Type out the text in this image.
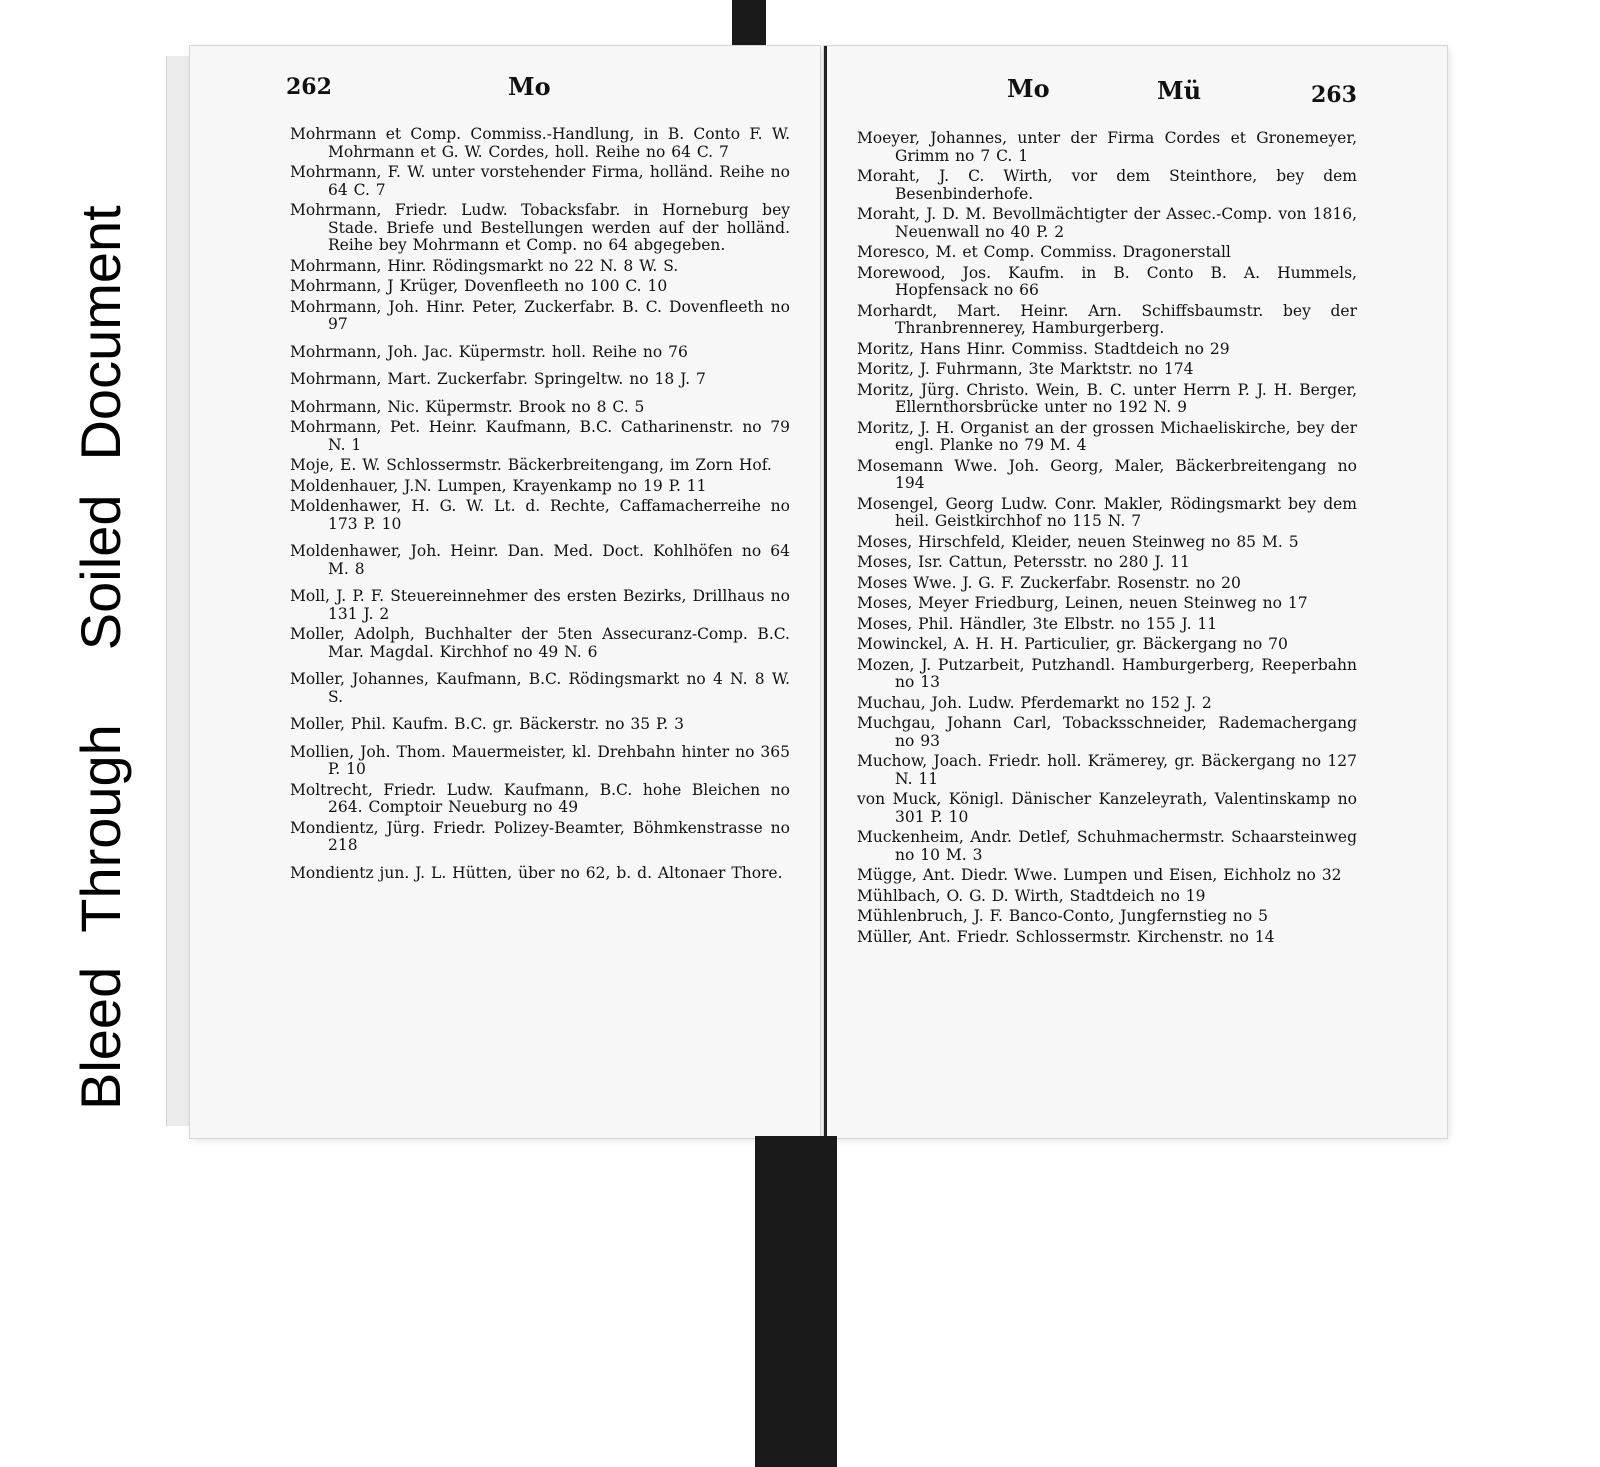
Bleed
Through
Soiled
Document
262	Mo
Mohrmann et Comp. Commiss.-Handlung, in B. Conto F. W. Mohrmann et G. W. Cordes, holl. Reihe no 64 C. 7
Mohrmann, F. W. unter vorstehender Firma, holländ. Reihe no 64 C. 7
Mohrmann, Friedr. Ludw. Tobacksfabr. in Horneburg bey Stade. Briefe und Bestellungen werden auf der holländ. Reihe bey Mohrmann et Comp. no 64 abgegeben.
Mohrmann, Hinr. Rödingsmarkt no 22 N. 8 W. S.
Mohrmann, J Krüger, Dovenfleeth no 100 C. 10
Mohrmann, Joh. Hinr. Peter, Zuckerfabr. B. C. Dovenfleeth no 97
Mohrmann, Joh. Jac. Küpermstr. holl. Reihe no 76
Mohrmann, Mart. Zuckerfabr. Springeltw. no 18 J. 7
Mohrmann, Nic. Küpermstr. Brook no 8 C. 5
Mohrmann, Pet. Heinr. Kaufmann, B.C. Catharinenstr. no 79 N. 1
Moje, E. W. Schlossermstr. Bäckerbreitengang, im Zorn Hof.
Moldenhauer, J.N. Lumpen, Krayenkamp no 19 P. 11
Moldenhawer, H. G. W. Lt. d. Rechte, Caffamacherreihe no 173 P. 10
Moldenhawer, Joh. Heinr. Dan. Med. Doct. Kohlhöfen no 64 M. 8
Moll, J. P. F. Steuereinnehmer des ersten Bezirks, Drillhaus no 131 J. 2
Moller, Adolph, Buchhalter der 5ten Assecuranz-Comp. B.C. Mar. Magdal. Kirchhof no 49 N. 6
Moller, Johannes, Kaufmann, B.C. Rödingsmarkt no 4 N. 8 W. S.
Moller, Phil. Kaufm. B.C. gr. Bäckerstr. no 35 P. 3
Mollien, Joh. Thom. Mauermeister, kl. Drehbahn hinter no 365 P. 10
Moltrecht, Friedr. Ludw. Kaufmann, B.C. hohe Bleichen no 264. Comptoir Neueburg no 49
Mondientz, Jürg. Friedr. Polizey-Beamter, Böhmkenstrasse no 218
Mondientz jun. J. L. Hütten, über no 62, b. d. Altonaer Thore.
Mo	Mü	263
Moeyer, Johannes, unter der Firma Cordes et Gronemeyer, Grimm no 7 C. 1
Moraht, J. C. Wirth, vor dem Steinthore, bey dem Besenbinderhofe.
Moraht, J. D. M. Bevollmächtigter der Assec.-Comp. von 1816, Neuenwall no 40 P. 2
Moresco, M. et Comp. Commiss. Dragonerstall
Morewood, Jos. Kaufm. in B. Conto B. A. Hummels, Hopfensack no 66
Morhardt, Mart. Heinr. Arn. Schiffsbaumstr. bey der Thranbrennerey, Hamburgerberg.
Moritz, Hans Hinr. Commiss. Stadtdeich no 29
Moritz, J. Fuhrmann, 3te Marktstr. no 174
Moritz, Jürg. Christo. Wein, B. C. unter Herrn P. J. H. Berger, Ellernthorsbrücke unter no 192 N. 9
Moritz, J. H. Organist an der grossen Michaeliskirche, bey der engl. Planke no 79 M. 4
Mosemann Wwe. Joh. Georg, Maler, Bäckerbreitengang no 194
Mosengel, Georg Ludw. Conr. Makler, Rödingsmarkt bey dem heil. Geistkirchhof no 115 N. 7
Moses, Hirschfeld, Kleider, neuen Steinweg no 85 M. 5
Moses, Isr. Cattun, Petersstr. no 280 J. 11
Moses Wwe. J. G. F. Zuckerfabr. Rosenstr. no 20
Moses, Meyer Friedburg, Leinen, neuen Steinweg no 17
Moses, Phil. Händler, 3te Elbstr. no 155 J. 11
Mowinckel, A. H. H. Particulier, gr. Bäckergang no 70
Mozen, J. Putzarbeit, Putzhandl. Hamburgerberg, Reeperbahn no 13
Muchau, Joh. Ludw. Pferdemarkt no 152 J. 2
Muchgau, Johann Carl, Tobacksschneider, Rademachergang no 93
Muchow, Joach. Friedr. holl. Krämerey, gr. Bäckergang no 127 N. 11
von Muck, Königl. Dänischer Kanzeleyrath, Valentinskamp no 301 P. 10
Muckenheim, Andr. Detlef, Schuhmachermstr. Schaarsteinweg no 10 M. 3
Mügge, Ant. Diedr. Wwe. Lumpen und Eisen, Eichholz no 32
Mühlbach, O. G. D. Wirth, Stadtdeich no 19
Mühlenbruch, J. F. Banco-Conto, Jungfernstieg no 5
Müller, Ant. Friedr. Schlossermstr. Kirchenstr. no 14
